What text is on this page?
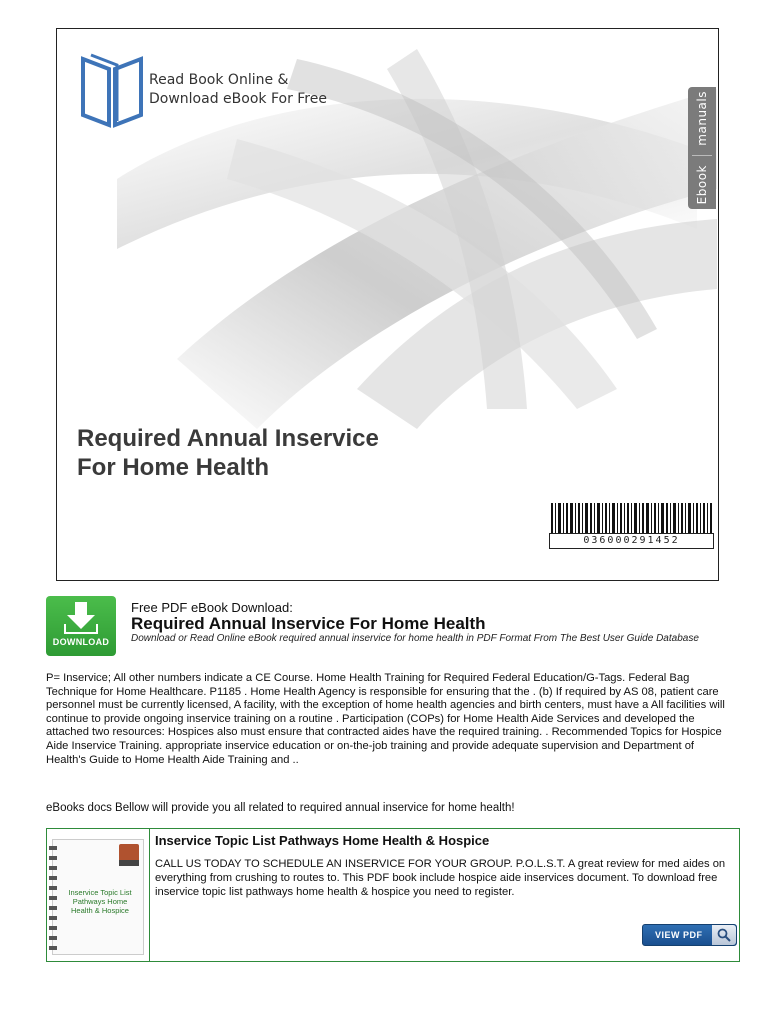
Read Book Online &
Download eBook For Free	manuals
Ebook
Required Annual Inservice
For Home Health
036000291452
DOWNLOAD
Free PDF eBook Download:
Required Annual Inservice For Home Health
Download or Read Online eBook required annual inservice for home health in PDF Format From The Best User Guide Database
P= Inservice; All other numbers indicate a CE Course. Home Health Training for Required Federal Education/G-Tags. Federal Bag Technique for Home Healthcare. P1185 . Home Health Agency is responsible for ensuring that the . (b) If required by AS 08, patient care personnel must be currently licensed, A facility, with the exception of home health agencies and birth centers, must have a All facilities will continue to provide ongoing inservice training on a routine . Participation (COPs) for Home Health Aide Services and developed the attached two resources: Hospices also must ensure that contracted aides have the required training. . Recommended Topics for Hospice Aide Inservice Training. appropriate inservice education or on-the-job training and provide adequate supervision and Department of Health's Guide to Home Health Aide Training and ..
eBooks docs Bellow will provide you all related to required annual inservice for home health!
Inservice Topic List Pathways Home Health & Hospice
Inservice Topic List Pathways Home Health & Hospice
CALL US TODAY TO SCHEDULE AN INSERVICE FOR YOUR GROUP. P.O.L.S.T. A great review for med aides on everything from crushing to routes to. This PDF book include hospice aide inservices document. To download free inservice topic list pathways home health & hospice you need to register.
VIEW PDF
